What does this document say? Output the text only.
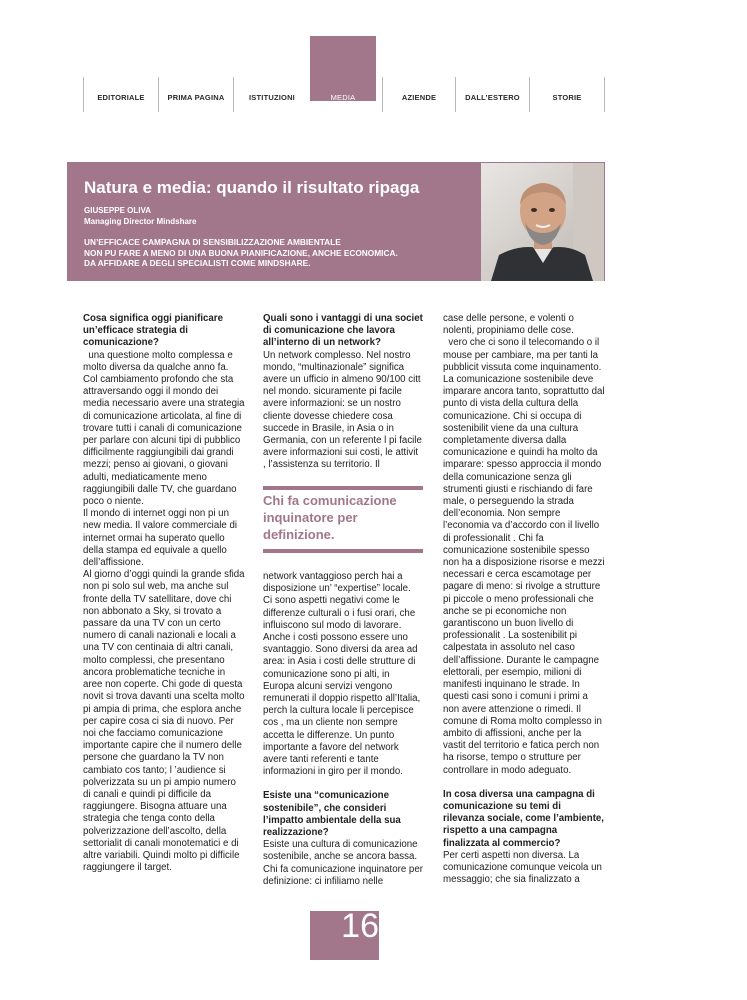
EDITORIALE	PRIMA PAGINA	ISTITUZIONI	MEDIA	AZIENDE	DALL’ESTERO	STORIE
Natura e media: quando il risultato ripaga
GIUSEPPE OLIVA
Managing Director Mindshare
UN’EFFICACE CAMPAGNA DI SENSIBILIZZAZIONE AMBIENTALE
NON PU FARE A MENO DI UNA BUONA PIANIFICAZIONE, ANCHE ECONOMICA.
DA AFFIDARE A DEGLI SPECIALISTI COME MINDSHARE.

Cosa significa oggi pianificare un’efficace strategia di comunicazione?

una questione molto complessa e molto diversa da qualche anno fa.

Col cambiamento profondo che sta attraversando oggi il mondo dei media necessario avere una strategia di comunicazione articolata, al fine di trovare tutti i canali di comunicazione per parlare con alcuni tipi di pubblico difficilmente raggiungibili dai grandi mezzi; penso ai giovani, o giovani adulti, mediaticamente meno raggiungibili dalle TV, che guardano poco o niente.

Il mondo di internet oggi non pi un new media. Il valore commerciale di internet ormai ha superato quello della stampa ed equivale a quello dell’affissione.

Al giorno d’oggi quindi la grande sfida non pi solo sul web, ma anche sul fronte della TV satellitare, dove chi non abbonato a Sky, si trovato a passare da una TV con un certo numero di canali nazionali e locali a una TV con centinaia di altri canali, molto complessi, che presentano ancora problematiche tecniche in aree non coperte. Chi gode di questa novit si trova davanti una scelta molto pi ampia di prima, che esplora anche per capire cosa ci sia di nuovo. Per noi che facciamo comunicazione importante capire che il numero delle persone che guardano la TV non cambiato cos tanto; l ’audience si polverizzata su un pi ampio numero di canali e quindi pi difficile da raggiungere. Bisogna attuare una strategia che tenga conto della polverizzazione dell’ascolto, della settorialit di canali monotematici e di altre variabili. Quindi molto pi difficile raggiungere il target.

Quali sono i vantaggi di una societ di comunicazione che lavora all’interno di un network?

Un network complesso. Nel nostro mondo, “multinazionale” significa avere un ufficio in almeno 90/100 citt nel mondo. sicuramente pi facile avere informazioni: se un nostro cliente dovesse chiedere cosa succede in Brasile, in Asia o in Germania, con un referente l pi facile avere informazioni sui costi, le attivit , l’assistenza su territorio. Il

Chi fa comunicazione inquinatore per definizione.

network vantaggioso perch hai a disposizione un’ “expertise” locale.

Ci sono aspetti negativi come le differenze culturali o i fusi orari, che influiscono sul modo di lavorare.

Anche i costi possono essere uno svantaggio. Sono diversi da area ad area: in Asia i costi delle strutture di comunicazione sono pi alti, in Europa alcuni servizi vengono remunerati il doppio rispetto all’Italia, perch la cultura locale li percepisce cos , ma un cliente non sempre accetta le differenze. Un punto importante a favore del network avere tanti referenti e tante informazioni in giro per il mondo.

Esiste una “comunicazione sostenibile”, che consideri l’impatto ambientale della sua realizzazione?

Esiste una cultura di comunicazione sostenibile, anche se ancora bassa. Chi fa comunicazione inquinatore per definizione: ci infiliamo nelle

case delle persone, e volenti o nolenti, propiniamo delle cose.

vero che ci sono il telecomando o il mouse per cambiare, ma per tanti la pubblicit vissuta come inquinamento. La comunicazione sostenibile deve imparare ancora tanto, soprattutto dal punto di vista della cultura della comunicazione. Chi si occupa di sostenibilit viene da una cultura completamente diversa dalla comunicazione e quindi ha molto da imparare: spesso approccia il mondo della comunicazione senza gli strumenti giusti e rischiando di fare male, o perseguendo la strada dell’economia. Non sempre l’economia va d’accordo con il livello di professionalit . Chi fa comunicazione sostenibile spesso non ha a disposizione risorse e mezzi necessari e cerca escamotage per pagare di meno: si rivolge a strutture pi piccole o meno professionali che anche se pi economiche non garantiscono un buon livello di professionalit . La sostenibilit pi calpestata in assoluto nel caso dell’affissione. Durante le campagne elettorali, per esempio, milioni di manifesti inquinano le strade. In questi casi sono i comuni i primi a non avere attenzione o rimedi. Il comune di Roma molto complesso in ambito di affissioni, anche per la vastit del territorio e fatica perch non ha risorse, tempo o strutture per controllare in modo adeguato.

In cosa diversa una campagna di comunicazione su temi di rilevanza sociale, come l’ambiente, rispetto a una campagna finalizzata al commercio?

Per certi aspetti non diversa. La comunicazione comunque veicola un messaggio; che sia finalizzato a

16
